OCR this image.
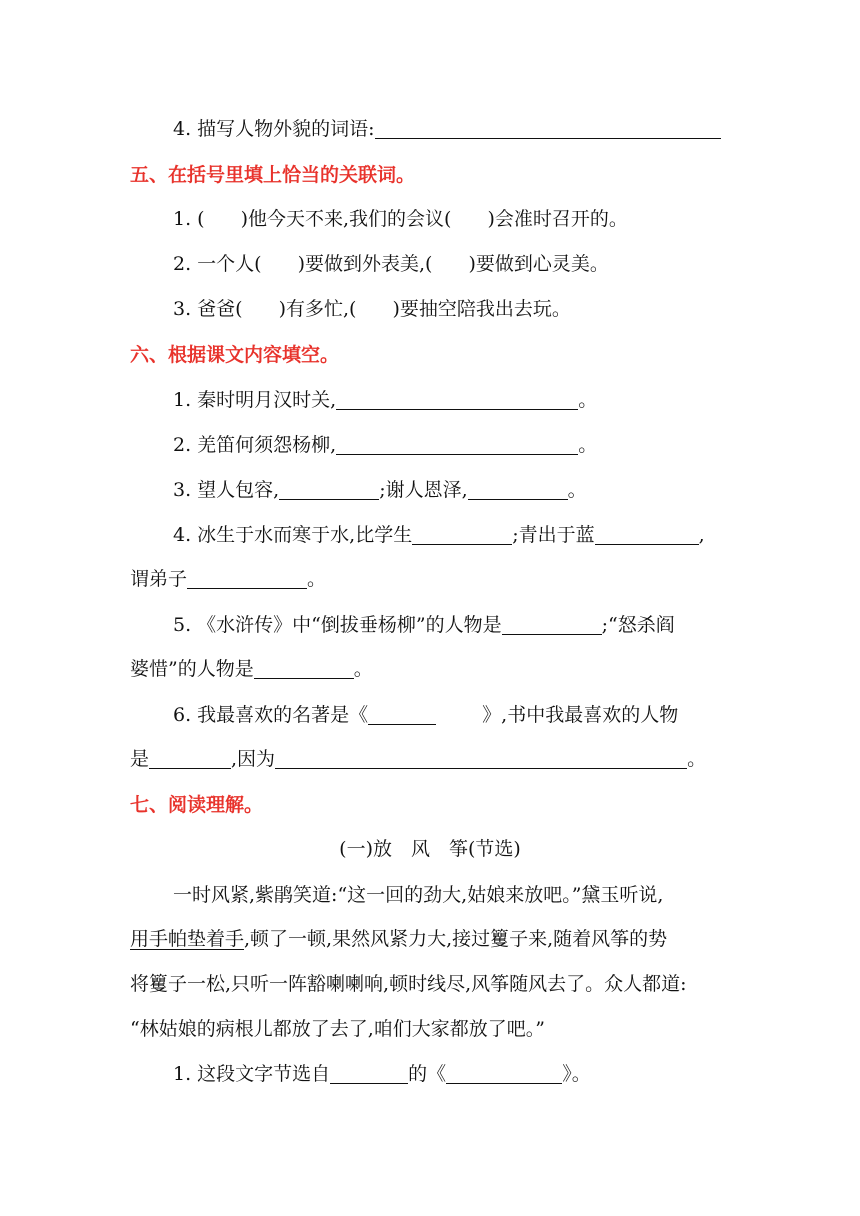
4. 描写人物外貌的词语:
五、在括号里填上恰当的关联词。
1. ( )他今天不来,我们的会议( )会准时召开的。
2. 一个人( )要做到外表美,( )要做到心灵美。
3. 爸爸( )有多忙,( )要抽空陪我出去玩。
六、根据课文内容填空。
1. 秦时明月汉时关,	。
2. 羌笛何须怨杨柳,	。
3. 望人包容,	;谢人恩泽,	。
4. 冰生于水而寒于水,比学生	;青出于蓝	,
谓弟子	。
5. 《水浒传》中“倒拔垂杨柳”的人物是	;“怒杀阎
婆惜”的人物是	。
6. 我最喜欢的名著是《	》,书中我最喜欢的人物
是	,因为	。
七、阅读理解。
(一)放　风　筝(节选)
一时风紧,紫鹃笑道:“这一回的劲大,姑娘来放吧。”黛玉听说,
用手帕垫着手,顿了一顿,果然风紧力大,接过籰子来,随着风筝的势
将籰子一松,只听一阵豁喇喇响,顿时线尽,风筝随风去了。众人都道:
“林姑娘的病根儿都放了去了,咱们大家都放了吧。”
1. 这段文字节选自	的《	》。
